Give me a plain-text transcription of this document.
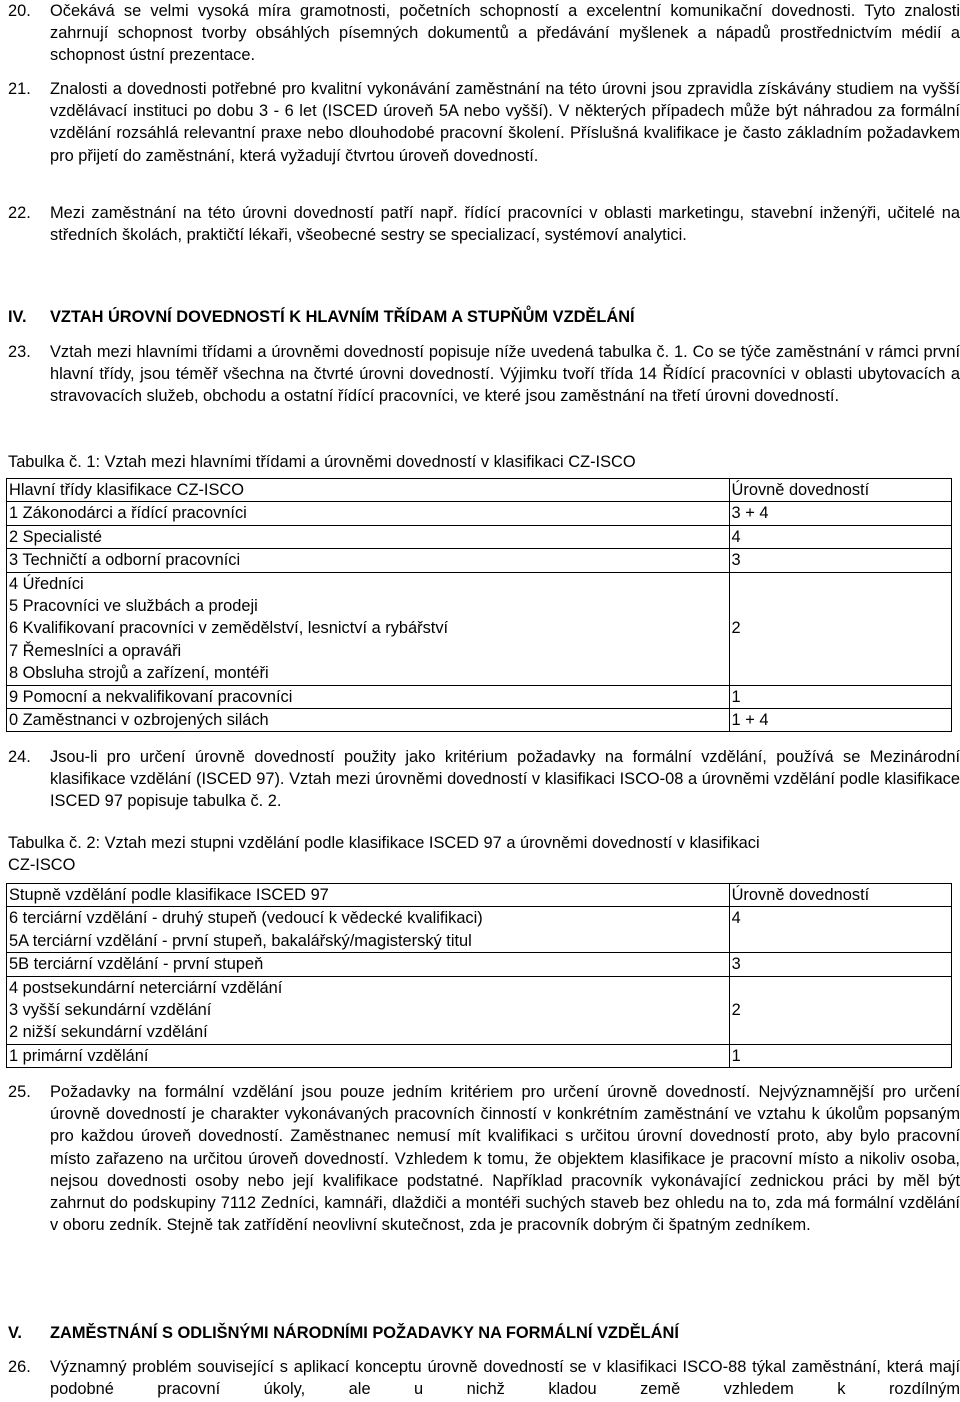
20. Očekává se velmi vysoká míra gramotnosti, početních schopností a excelentní komunikační dovednosti. Tyto znalosti zahrnují schopnost tvorby obsáhlých písemných dokumentů a předávání myšlenek a nápadů prostřednictvím médií a schopnost ústní prezentace.
21. Znalosti a dovednosti potřebné pro kvalitní vykonávání zaměstnání na této úrovni jsou zpravidla získávány studiem na vyšší vzdělávací instituci po dobu 3 - 6 let (ISCED úroveň 5A nebo vyšší). V některých případech může být náhradou za formální vzdělání rozsáhlá relevantní praxe nebo dlouhodobé pracovní školení. Příslušná kvalifikace je často základním požadavkem pro přijetí do zaměstnání, která vyžadují čtvrtou úroveň dovedností.
22. Mezi zaměstnání na této úrovni dovedností patří např. řídící pracovníci v oblasti marketingu, stavební inženýři, učitelé na středních školách, praktičtí lékaři, všeobecné sestry se specializací, systémoví analytici.
IV. VZTAH ÚROVNÍ DOVEDNOSTÍ K HLAVNÍM TŘÍDAM A STUPŇŮM VZDĚLÁNÍ
23. Vztah mezi hlavními třídami a úrovněmi dovedností popisuje níže uvedená tabulka č. 1. Co se týče zaměstnání v rámci první hlavní třídy, jsou téměř všechna na čtvrté úrovni dovedností. Výjimku tvoří třída 14 Řídící pracovníci v oblasti ubytovacích a stravovacích služeb, obchodu a ostatní řídící pracovníci, ve které jsou zaměstnání na třetí úrovni dovedností.
Tabulka č. 1: Vztah mezi hlavními třídami a úrovněmi dovedností v klasifikaci CZ-ISCO
Hlavní třídy klasifikace CZ-ISCO	Úrovně dovedností
1 Zákonodárci a řídící pracovníci	3 + 4
2 Specialisté	4
3 Techničtí a odborní pracovníci	3

4 Úředníci
5 Pracovníci ve službách a prodeji
6 Kvalifikovaní pracovníci v zemědělství, lesnictví a rybářství
7 Řemeslníci a opraváři
8 Obsluha strojů a zařízení, montéři	2
9 Pomocní a nekvalifikovaní pracovníci	1
0 Zaměstnanci v ozbrojených silách	1 + 4
24. Jsou-li pro určení úrovně dovedností použity jako kritérium požadavky na formální vzdělání, používá se Mezinárodní klasifikace vzdělání (ISCED 97). Vztah mezi úrovněmi dovedností v klasifikaci ISCO-08 a úrovněmi vzdělání podle klasifikace ISCED 97 popisuje tabulka č. 2.
Tabulka č. 2: Vztah mezi stupni vzdělání podle klasifikace ISCED 97 a úrovněmi dovedností v klasifikaci
CZ-ISCO
Stupně vzdělání podle klasifikace ISCED 97	Úrovně dovedností

6 terciární vzdělání - druhý stupeň (vedoucí k vědecké kvalifikaci)
5A terciární vzdělání - první stupeň, bakalářský/magisterský titul	4
5B terciární vzdělání - první stupeň	3

4 postsekundární neterciární vzdělání
3 vyšší sekundární vzdělání
2 nižší sekundární vzdělání	2
1 primární vzdělání	1
25. Požadavky na formální vzdělání jsou pouze jedním kritériem pro určení úrovně dovedností. Nejvýznamnější pro určení úrovně dovedností je charakter vykonávaných pracovních činností v konkrétním zaměstnání ve vztahu k úkolům popsaným pro každou úroveň dovedností. Zaměstnanec nemusí mít kvalifikaci s určitou úrovní dovedností proto, aby bylo pracovní místo zařazeno na určitou úroveň dovedností. Vzhledem k tomu, že objektem klasifikace je pracovní místo a nikoliv osoba, nejsou dovednosti osoby nebo její kvalifikace podstatné. Například pracovník vykonávající zednickou práci by měl být zahrnut do podskupiny 7112 Zedníci, kamnáři, dlaždiči a montéři suchých staveb bez ohledu na to, zda má formální vzdělání v oboru zedník. Stejně tak zatřídění neovlivní skutečnost, zda je pracovník dobrým či špatným zedníkem.
V. ZAMĚSTNÁNÍ S ODLIŠNÝMI NÁRODNÍMI POŽADAVKY NA FORMÁLNÍ VZDĚLÁNÍ
26. Významný problém související s aplikací konceptu úrovně dovedností se v klasifikaci ISCO-88 týkal zaměstnání, která mají podobné pracovní úkoly, ale u nichž kladou země vzhledem k rozdílným
